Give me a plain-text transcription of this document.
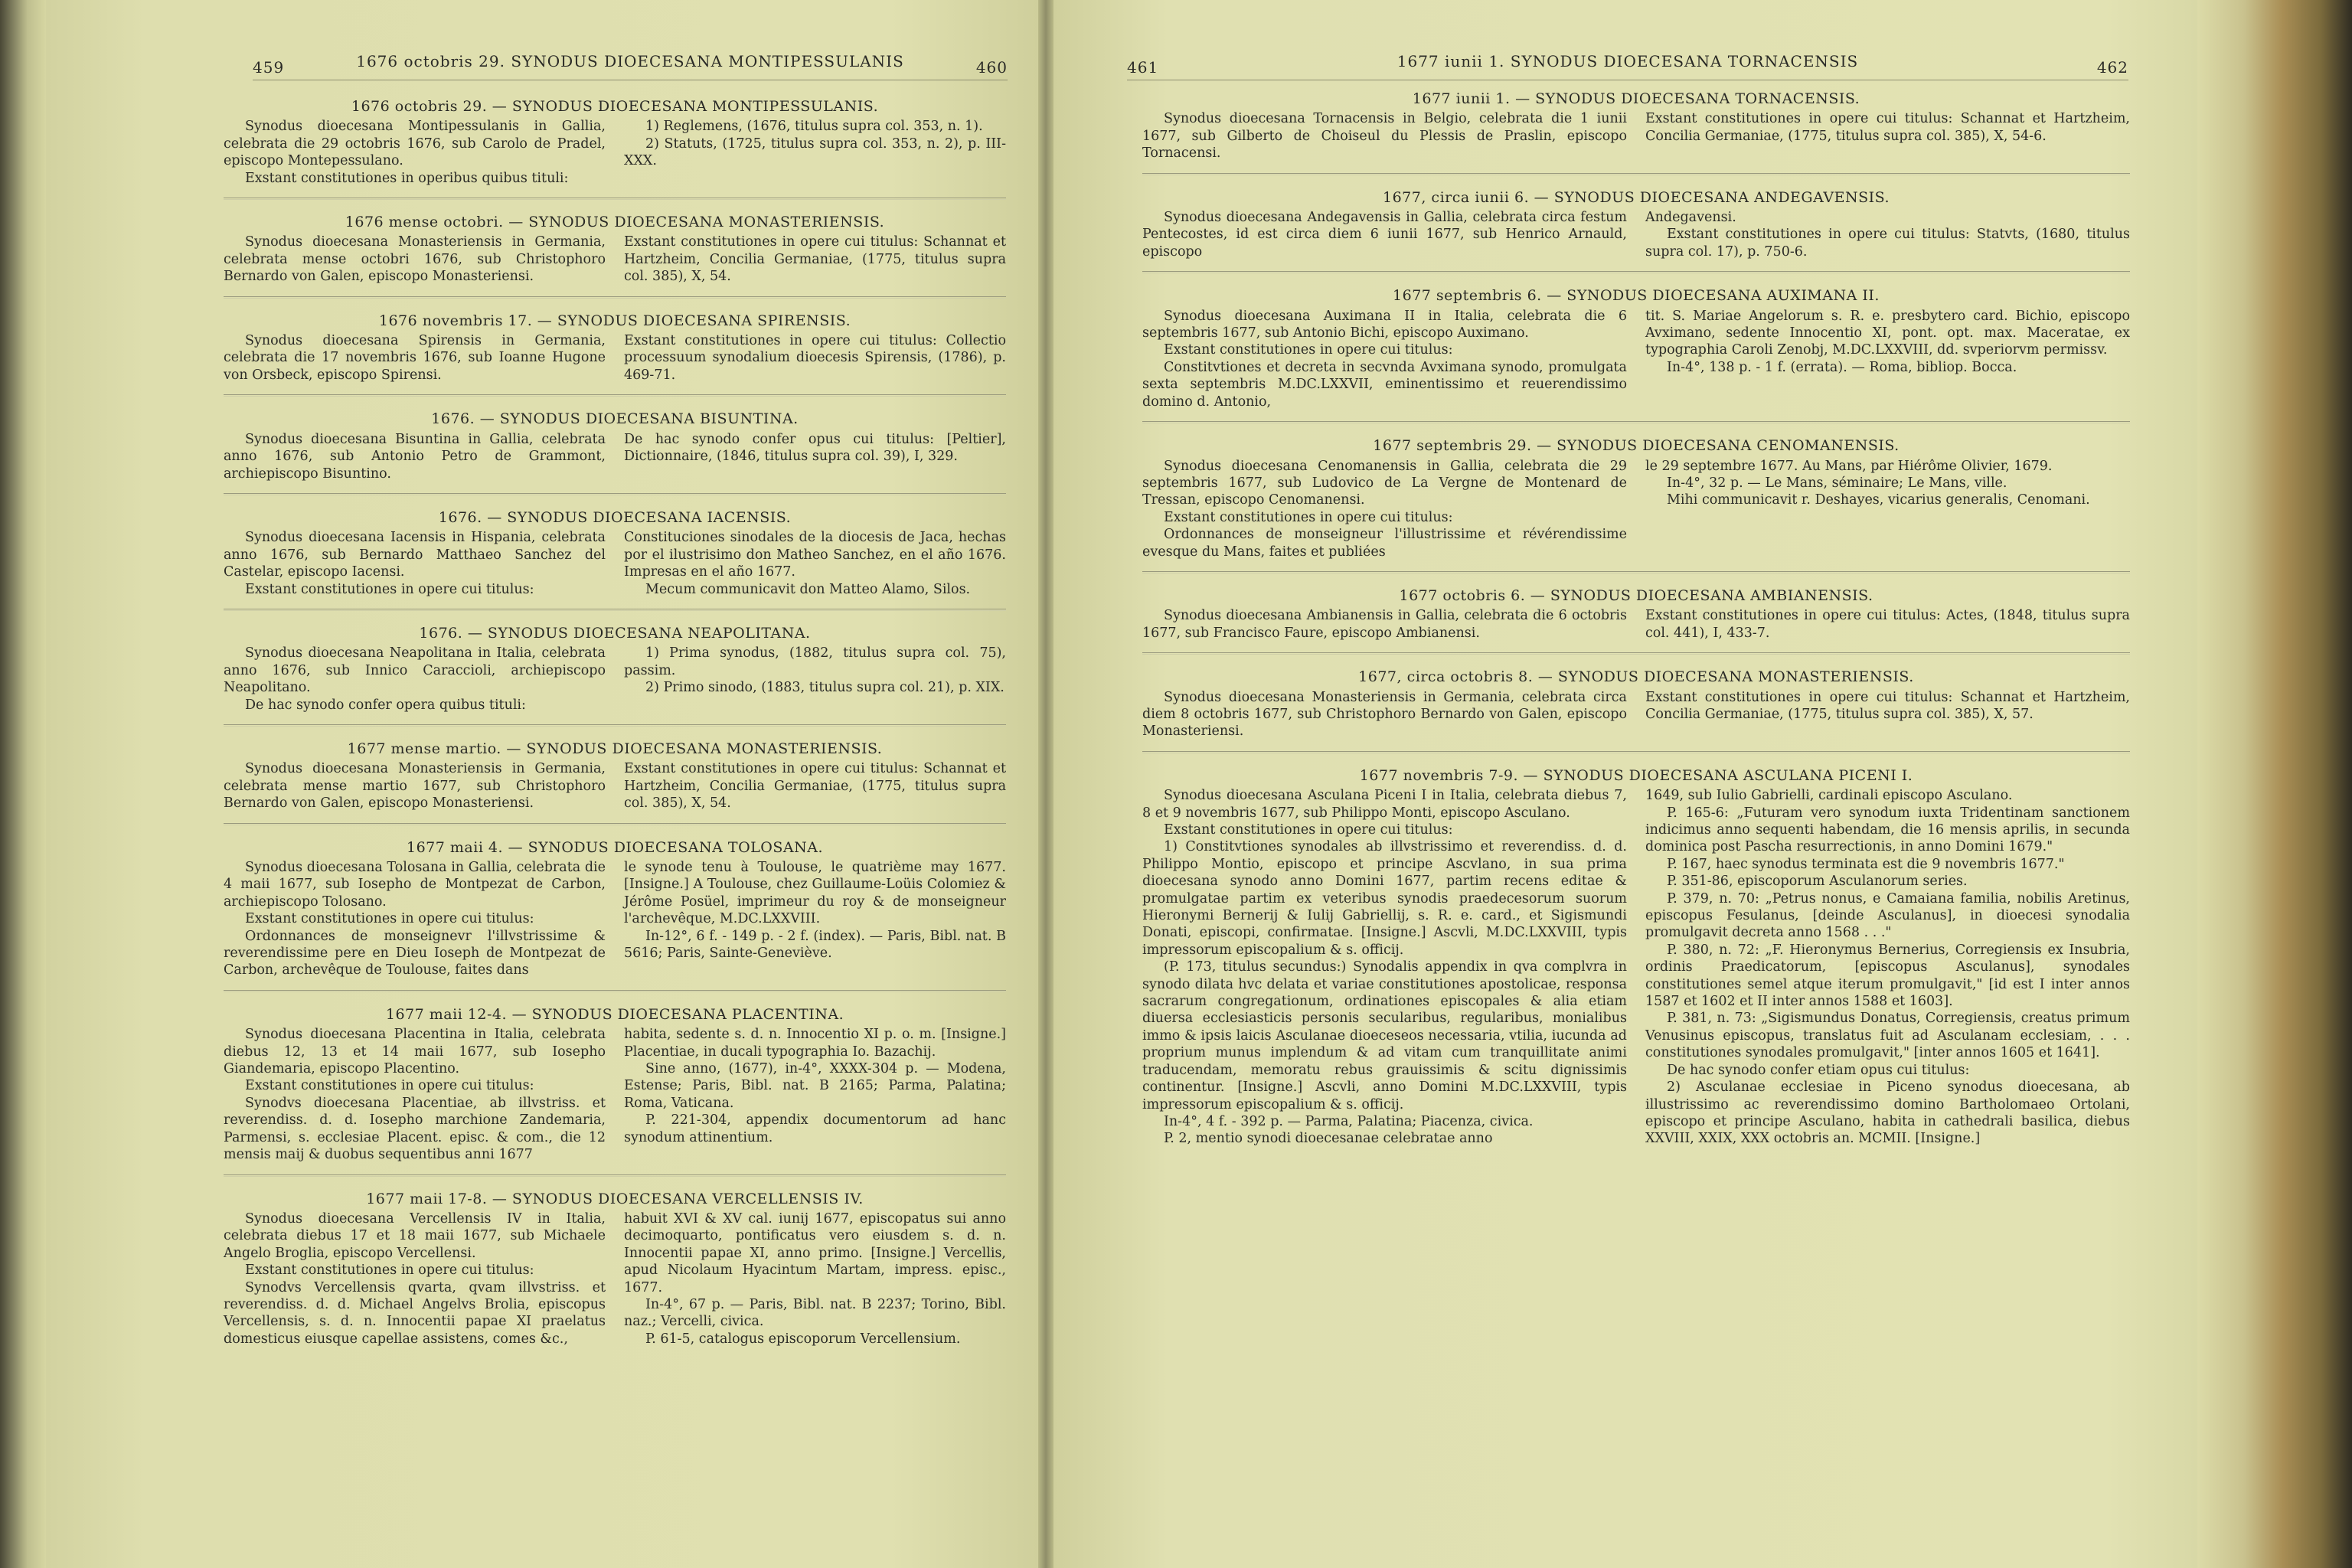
459	1676 octobris 29. SYNODUS DIOECESANA MONTIPESSULANIS	460
1676 octobris 29. — SYNODUS DIOECESANA MONTIPESSULANIS.

Synodus dioecesana Montipessulanis in Gallia, celebrata die 29 octobris 1676, sub Carolo de Pradel, episcopo Montepessulano.

Exstant constitutiones in operibus quibus tituli:

1) Reglemens, (1676, titulus supra col. 353, n. 1).

2) Statuts, (1725, titulus supra col. 353, n. 2), p. III-XXX.

1676 mense octobri. — SYNODUS DIOECESANA MONASTERIENSIS.

Synodus dioecesana Monasteriensis in Germania, celebrata mense octobri 1676, sub Christophoro Bernardo von Galen, episcopo Monasteriensi.

Exstant constitutiones in opere cui titulus: Schannat et Hartzheim, Concilia Germaniae, (1775, titulus supra col. 385), X, 54.

1676 novembris 17. — SYNODUS DIOECESANA SPIRENSIS.

Synodus dioecesana Spirensis in Germania, celebrata die 17 novembris 1676, sub Ioanne Hugone von Orsbeck, episcopo Spirensi.

Exstant constitutiones in opere cui titulus: Collectio processuum synodalium dioecesis Spirensis, (1786), p. 469-71.

1676. — SYNODUS DIOECESANA BISUNTINA.

Synodus dioecesana Bisuntina in Gallia, celebrata anno 1676, sub Antonio Petro de Grammont, archiepiscopo Bisuntino.

De hac synodo confer opus cui titulus: [Peltier], Dictionnaire, (1846, titulus supra col. 39), I, 329.

1676. — SYNODUS DIOECESANA IACENSIS.

Synodus dioecesana Iacensis in Hispania, celebrata anno 1676, sub Bernardo Matthaeo Sanchez del Castelar, episcopo Iacensi.

Exstant constitutiones in opere cui titulus:

Constituciones sinodales de la diocesis de Jaca, hechas por el ilustrisimo don Matheo Sanchez, en el año 1676. Impresas en el año 1677.

Mecum communicavit don Matteo Alamo, Silos.

1676. — SYNODUS DIOECESANA NEAPOLITANA.

Synodus dioecesana Neapolitana in Italia, celebrata anno 1676, sub Innico Caraccioli, archiepiscopo Neapolitano.

De hac synodo confer opera quibus tituli:

1) Prima synodus, (1882, titulus supra col. 75), passim.

2) Primo sinodo, (1883, titulus supra col. 21), p. XIX.

1677 mense martio. — SYNODUS DIOECESANA MONASTERIENSIS.

Synodus dioecesana Monasteriensis in Germania, celebrata mense martio 1677, sub Christophoro Bernardo von Galen, episcopo Monasteriensi.

Exstant constitutiones in opere cui titulus: Schannat et Hartzheim, Concilia Germaniae, (1775, titulus supra col. 385), X, 54.

1677 maii 4. — SYNODUS DIOECESANA TOLOSANA.

Synodus dioecesana Tolosana in Gallia, celebrata die 4 maii 1677, sub Iosepho de Montpezat de Carbon, archiepiscopo Tolosano.

Exstant constitutiones in opere cui titulus:

Ordonnances de monseignevr l'illvstrissime & reverendissime pere en Dieu Ioseph de Montpezat de Carbon, archevêque de Toulouse, faites dans

le synode tenu à Toulouse, le quatrième may 1677. [Insigne.] A Toulouse, chez Guillaume-Loüis Colomiez & Jérôme Posüel, imprimeur du roy & de monseigneur l'archevêque, M.DC.LXXVIII.

In-12°, 6 f. - 149 p. - 2 f. (index). — Paris, Bibl. nat. B 5616; Paris, Sainte-Geneviève.

1677 maii 12-4. — SYNODUS DIOECESANA PLACENTINA.

Synodus dioecesana Placentina in Italia, celebrata diebus 12, 13 et 14 maii 1677, sub Iosepho Giandemaria, episcopo Placentino.

Exstant constitutiones in opere cui titulus:

Synodvs dioecesana Placentiae, ab illvstriss. et reverendiss. d. d. Iosepho marchione Zandemaria, Parmensi, s. ecclesiae Placent. episc. & com., die 12 mensis maij & duobus sequentibus anni 1677

habita, sedente s. d. n. Innocentio XI p. o. m. [Insigne.] Placentiae, in ducali typographia Io. Bazachij.

Sine anno, (1677), in-4°, XXXX-304 p. — Modena, Estense; Paris, Bibl. nat. B 2165; Parma, Palatina; Roma, Vaticana.

P. 221-304, appendix documentorum ad hanc synodum attinentium.

1677 maii 17-8. — SYNODUS DIOECESANA VERCELLENSIS IV.

Synodus dioecesana Vercellensis IV in Italia, celebrata diebus 17 et 18 maii 1677, sub Michaele Angelo Broglia, episcopo Vercellensi.

Exstant constitutiones in opere cui titulus:

Synodvs Vercellensis qvarta, qvam illvstriss. et reverendiss. d. d. Michael Angelvs Brolia, episcopus Vercellensis, s. d. n. Innocentii papae XI praelatus domesticus eiusque capellae assistens, comes &c.,

habuit XVI & XV cal. iunij 1677, episcopatus sui anno decimoquarto, pontificatus vero eiusdem s. d. n. Innocentii papae XI, anno primo. [Insigne.] Vercellis, apud Nicolaum Hyacintum Martam, impress. episc., 1677.

In-4°, 67 p. — Paris, Bibl. nat. B 2237; Torino, Bibl. naz.; Vercelli, civica.

P. 61-5, catalogus episcoporum Vercellensium.

461	1677 iunii 1. SYNODUS DIOECESANA TORNACENSIS	462
1677 iunii 1. — SYNODUS DIOECESANA TORNACENSIS.

Synodus dioecesana Tornacensis in Belgio, celebrata die 1 iunii 1677, sub Gilberto de Choiseul du Plessis de Praslin, episcopo Tornacensi.

Exstant constitutiones in opere cui titulus: Schannat et Hartzheim, Concilia Germaniae, (1775, titulus supra col. 385), X, 54-6.

1677, circa iunii 6. — SYNODUS DIOECESANA ANDEGAVENSIS.

Synodus dioecesana Andegavensis in Gallia, celebrata circa festum Pentecostes, id est circa diem 6 iunii 1677, sub Henrico Arnauld, episcopo

Andegavensi.

Exstant constitutiones in opere cui titulus: Statvts, (1680, titulus supra col. 17), p. 750-6.

1677 septembris 6. — SYNODUS DIOECESANA AUXIMANA II.

Synodus dioecesana Auximana II in Italia, celebrata die 6 septembris 1677, sub Antonio Bichi, episcopo Auximano.

Exstant constitutiones in opere cui titulus:

Constitvtiones et decreta in secvnda Avximana synodo, promulgata sexta septembris M.DC.LXXVII, eminentissimo et reuerendissimo domino d. Antonio,

tit. S. Mariae Angelorum s. R. e. presbytero card. Bichio, episcopo Avximano, sedente Innocentio XI, pont. opt. max. Maceratae, ex typographia Caroli Zenobj, M.DC.LXXVIII, dd. svperiorvm permissv.

In-4°, 138 p. - 1 f. (errata). — Roma, bibliop. Bocca.

1677 septembris 29. — SYNODUS DIOECESANA CENOMANENSIS.

Synodus dioecesana Cenomanensis in Gallia, celebrata die 29 septembris 1677, sub Ludovico de La Vergne de Montenard de Tressan, episcopo Cenomanensi.

Exstant constitutiones in opere cui titulus:

Ordonnances de monseigneur l'illustrissime et révérendissime evesque du Mans, faites et publiées

le 29 septembre 1677. Au Mans, par Hiérôme Olivier, 1679.

In-4°, 32 p. — Le Mans, séminaire; Le Mans, ville.

Mihi communicavit r. Deshayes, vicarius generalis, Cenomani.

1677 octobris 6. — SYNODUS DIOECESANA AMBIANENSIS.

Synodus dioecesana Ambianensis in Gallia, celebrata die 6 octobris 1677, sub Francisco Faure, episcopo Ambianensi.

Exstant constitutiones in opere cui titulus: Actes, (1848, titulus supra col. 441), I, 433-7.

1677, circa octobris 8. — SYNODUS DIOECESANA MONASTERIENSIS.

Synodus dioecesana Monasteriensis in Germania, celebrata circa diem 8 octobris 1677, sub Christophoro Bernardo von Galen, episcopo Monasteriensi.

Exstant constitutiones in opere cui titulus: Schannat et Hartzheim, Concilia Germaniae, (1775, titulus supra col. 385), X, 57.

1677 novembris 7-9. — SYNODUS DIOECESANA ASCULANA PICENI I.

Synodus dioecesana Asculana Piceni I in Italia, celebrata diebus 7, 8 et 9 novembris 1677, sub Philippo Monti, episcopo Asculano.

Exstant constitutiones in opere cui titulus:

1) Constitvtiones synodales ab illvstrissimo et reverendiss. d. d. Philippo Montio, episcopo et principe Ascvlano, in sua prima dioecesana synodo anno Domini 1677, partim recens editae & promulgatae partim ex veteribus synodis praedecesorum suorum Hieronymi Bernerij & Iulij Gabriellij, s. R. e. card., et Sigismundi Donati, episcopi, confirmatae. [Insigne.] Ascvli, M.DC.LXXVIII, typis impressorum episcopalium & s. officij.

(P. 173, titulus secundus:) Synodalis appendix in qva complvra in synodo dilata hvc delata et variae constitutiones apostolicae, responsa sacrarum congregationum, ordinationes episcopales & alia etiam diuersa ecclesiasticis personis secularibus, regularibus, monialibus immo & ipsis laicis Asculanae dioeceseos necessaria, vtilia, iucunda ad proprium munus implendum & ad vitam cum tranquillitate animi traducendam, memoratu rebus grauissimis & scitu dignissimis continentur. [Insigne.] Ascvli, anno Domini M.DC.LXXVIII, typis impressorum episcopalium & s. officij.

In-4°, 4 f. - 392 p. — Parma, Palatina; Piacenza, civica.

P. 2, mentio synodi dioecesanae celebratae anno

1649, sub Iulio Gabrielli, cardinali episcopo Asculano.

P. 165-6: „Futuram vero synodum iuxta Tridentinam sanctionem indicimus anno sequenti habendam, die 16 mensis aprilis, in secunda dominica post Pascha resurrectionis, in anno Domini 1679."

P. 167, haec synodus terminata est die 9 novembris 1677."

P. 351-86, episcoporum Asculanorum series.

P. 379, n. 70: „Petrus nonus, e Camaiana familia, nobilis Aretinus, episcopus Fesulanus, [deinde Asculanus], in dioecesi synodalia promulgavit decreta anno 1568 . . ."

P. 380, n. 72: „F. Hieronymus Bernerius, Corregiensis ex Insubria, ordinis Praedicatorum, [episcopus Asculanus], synodales constitutiones semel atque iterum promulgavit," [id est I inter annos 1587 et 1602 et II inter annos 1588 et 1603].

P. 381, n. 73: „Sigismundus Donatus, Corregiensis, creatus primum Venusinus episcopus, translatus fuit ad Asculanam ecclesiam, . . . constitutiones synodales promulgavit," [inter annos 1605 et 1641].

De hac synodo confer etiam opus cui titulus:

2) Asculanae ecclesiae in Piceno synodus dioecesana, ab illustrissimo ac reverendissimo domino Bartholomaeo Ortolani, episcopo et principe Asculano, habita in cathedrali basilica, diebus XXVIII, XXIX, XXX octobris an. MCMII. [Insigne.]
